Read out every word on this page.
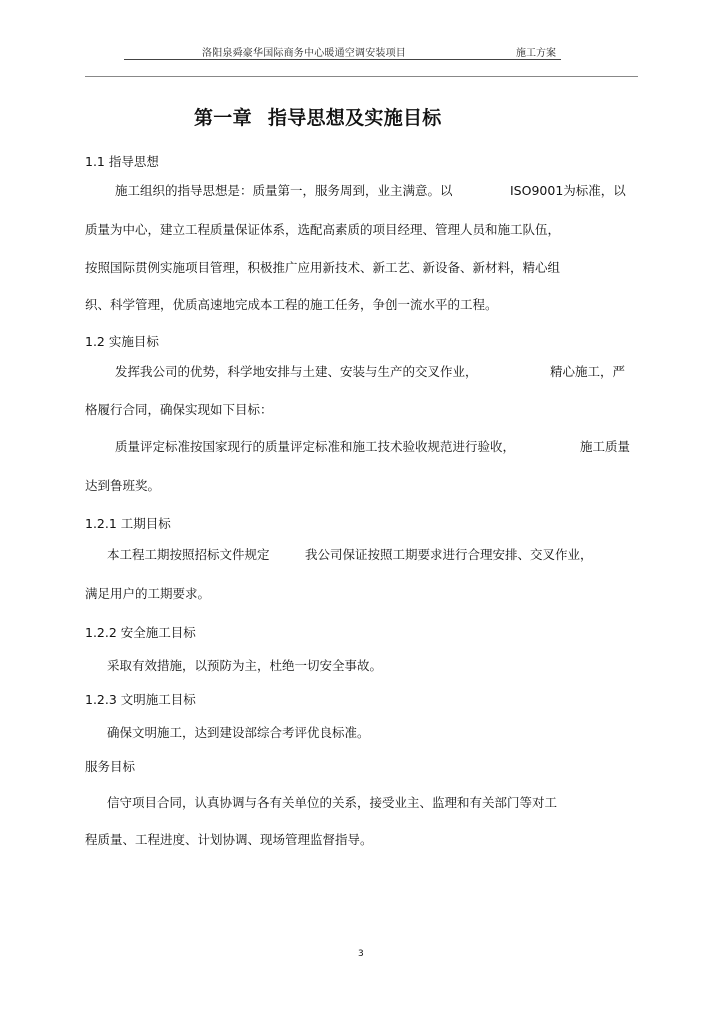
洛阳泉舜豪华国际商务中心暖通空调安装项目	施工方案
第一章 指导思想及实施目标
1.1 指导思想
施工组织的指导思想是：质量第一，服务周到，业主满意。以	ISO9001为标准，以
质量为中心，建立工程质量保证体系，选配高素质的项目经理、管理人员和施工队伍，
按照国际贯例实施项目管理，积极推广应用新技术、新工艺、新设备、新材料，精心组
织、科学管理，优质高速地完成本工程的施工任务，争创一流水平的工程。
1.2 实施目标
发挥我公司的优势，科学地安排与土建、安装与生产的交叉作业，	精心施工，严
格履行合同，确保实现如下目标：
质量评定标准按国家现行的质量评定标准和施工技术验收规范进行验收，	施工质量
达到鲁班奖。
1.2.1 工期目标
本工程工期按照招标文件规定	我公司保证按照工期要求进行合理安排、交叉作业，
满足用户的工期要求。
1.2.2 安全施工目标
采取有效措施，以预防为主，杜绝一切安全事故。
1.2.3 文明施工目标
确保文明施工，达到建设部综合考评优良标准。
服务目标
信守项目合同，认真协调与各有关单位的关系，接受业主、监理和有关部门等对工
程质量、工程进度、计划协调、现场管理监督指导。
3
